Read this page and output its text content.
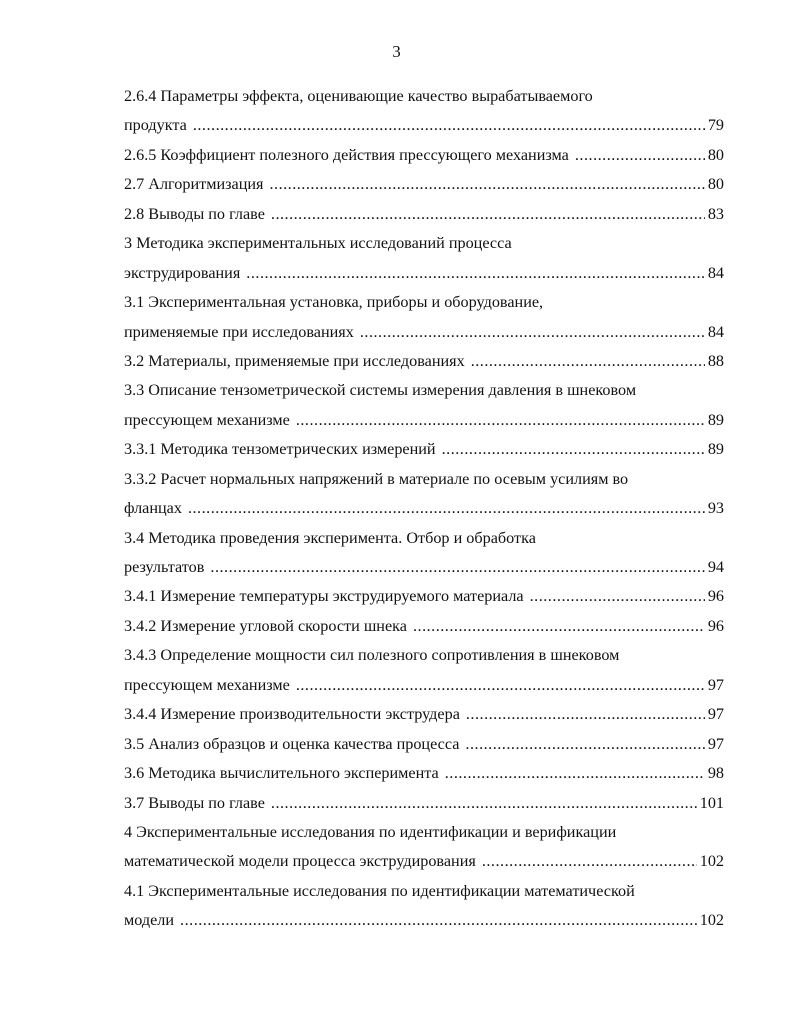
3
2.6.4 Параметры эффекта, оценивающие качество вырабатываемого
продукта .....	79
2.6.5 Коэффициент полезного действия прессующего механизма .....	80
2.7 Алгоритмизация .....	80
2.8 Выводы по главе .....	83
3 Методика экспериментальных исследований процесса
экструдирования .....	84
3.1 Экспериментальная установка, приборы и оборудование,
применяемые при исследованиях .....	84
3.2 Материалы, применяемые при исследованиях .....	88
3.3 Описание тензометрической системы измерения давления в шнековом
прессующем механизме .....	89
3.3.1 Методика тензометрических измерений .....	89
3.3.2 Расчет нормальных напряжений в материале по осевым усилиям во
фланцах .....	93
3.4 Методика проведения эксперимента. Отбор и обработка
результатов .....	94
3.4.1 Измерение температуры экструдируемого материала .....	96
3.4.2 Измерение угловой скорости шнека .....	96
3.4.3 Определение мощности сил полезного сопротивления в шнековом
прессующем механизме .....	97
3.4.4 Измерение производительности экструдера .....	97
3.5 Анализ образцов и оценка качества процесса .....	97
3.6 Методика вычислительного эксперимента .....	98
3.7 Выводы по главе .....	101
4 Экспериментальные исследования по идентификации и верификации
математической модели процесса экструдирования .....	102
4.1 Экспериментальные исследования по идентификации математической
модели .....	102
